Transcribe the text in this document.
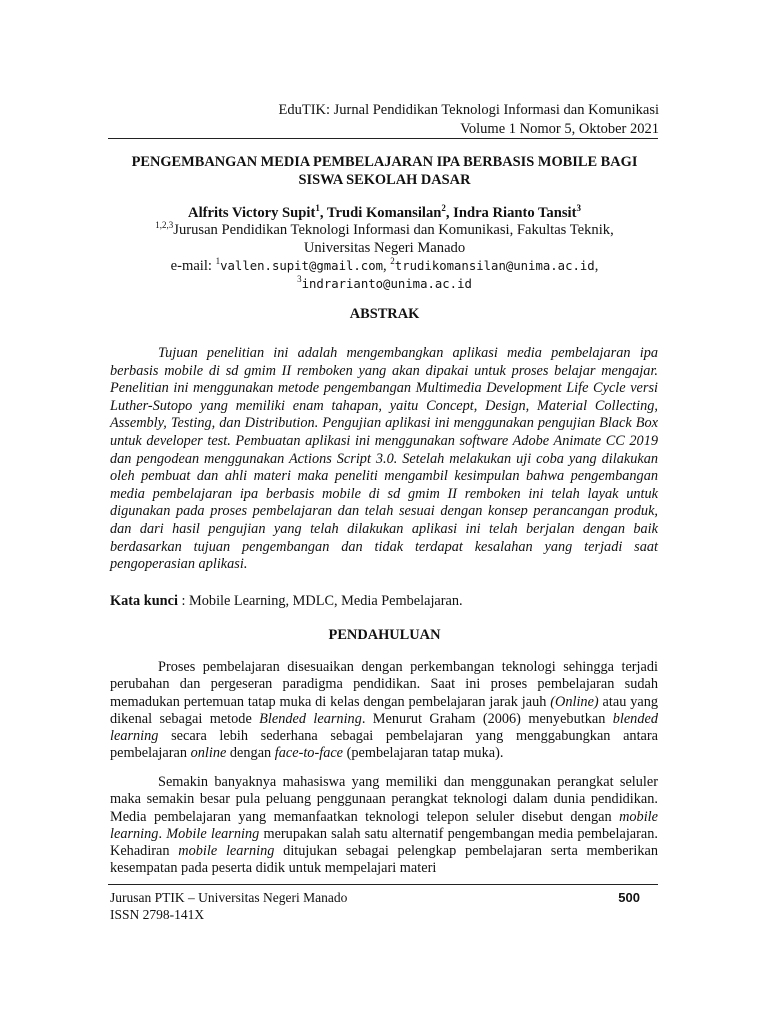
EduTIK: Jurnal Pendidikan Teknologi Informasi dan Komunikasi
Volume 1 Nomor 5, Oktober 2021
PENGEMBANGAN MEDIA PEMBELAJARAN IPA BERBASIS MOBILE BAGI
SISWA SEKOLAH DASAR
Alfrits Victory Supit$^1$, Trudi Komansilan$^2$, Indra Rianto Tansit$^3$

$^{1,2,3}$Jurusan Pendidikan Teknologi Informasi dan Komunikasi, Fakultas Teknik,

Universitas Negeri Manado

e-mail: $^1$vallen.supit@gmail.com, $^2$trudikomansilan@unima.ac.id,

$^3$indrarianto@unima.ac.id

ABSTRAK

Tujuan penelitian ini adalah mengembangkan aplikasi media pembelajaran ipa berbasis mobile di sd gmim II remboken yang akan dipakai untuk proses belajar mengajar. Penelitian ini menggunakan metode pengembangan Multimedia Development Life Cycle versi Luther-Sutopo yang memiliki enam tahapan, yaitu Concept, Design, Material Collecting, Assembly, Testing, dan Distribution. Pengujian aplikasi ini menggunakan pengujian Black Box untuk developer test. Pembuatan aplikasi ini menggunakan software Adobe Animate CC 2019 dan pengodean menggunakan Actions Script 3.0. Setelah melakukan uji coba yang dilakukan oleh pembuat dan ahli materi maka peneliti mengambil kesimpulan bahwa pengembangan media pembelajaran ipa berbasis mobile di sd gmim II remboken ini telah layak untuk digunakan pada proses pembelajaran dan telah sesuai dengan konsep perancangan produk, dan dari hasil pengujian yang telah dilakukan aplikasi ini telah berjalan dengan baik berdasarkan tujuan pengembangan dan tidak terdapat kesalahan yang terjadi saat pengoperasian aplikasi.

Kata kunci : Mobile Learning, MDLC, Media Pembelajaran.
PENDAHULUAN

Proses pembelajaran disesuaikan dengan perkembangan teknologi sehingga terjadi perubahan dan pergeseran paradigma pendidikan. Saat ini proses pembelajaran sudah memadukan pertemuan tatap muka di kelas dengan pembelajaran jarak jauh (Online) atau yang dikenal sebagai metode Blended learning. Menurut Graham (2006) menyebutkan blended learning secara lebih sederhana sebagai pembelajaran yang menggabungkan antara pembelajaran online dengan face-to-face (pembelajaran tatap muka).

Semakin banyaknya mahasiswa yang memiliki dan menggunakan perangkat seluler maka semakin besar pula peluang penggunaan perangkat teknologi dalam dunia pendidikan. Media pembelajaran yang memanfaatkan teknologi telepon seluler disebut dengan mobile learning. Mobile learning merupakan salah satu alternatif pengembangan media pembelajaran. Kehadiran mobile learning ditujukan sebagai pelengkap pembelajaran serta memberikan kesempatan pada peserta didik untuk mempelajari materi

Jurusan PTIK – Universitas Negeri Manado

ISSN 2798-141X

500
